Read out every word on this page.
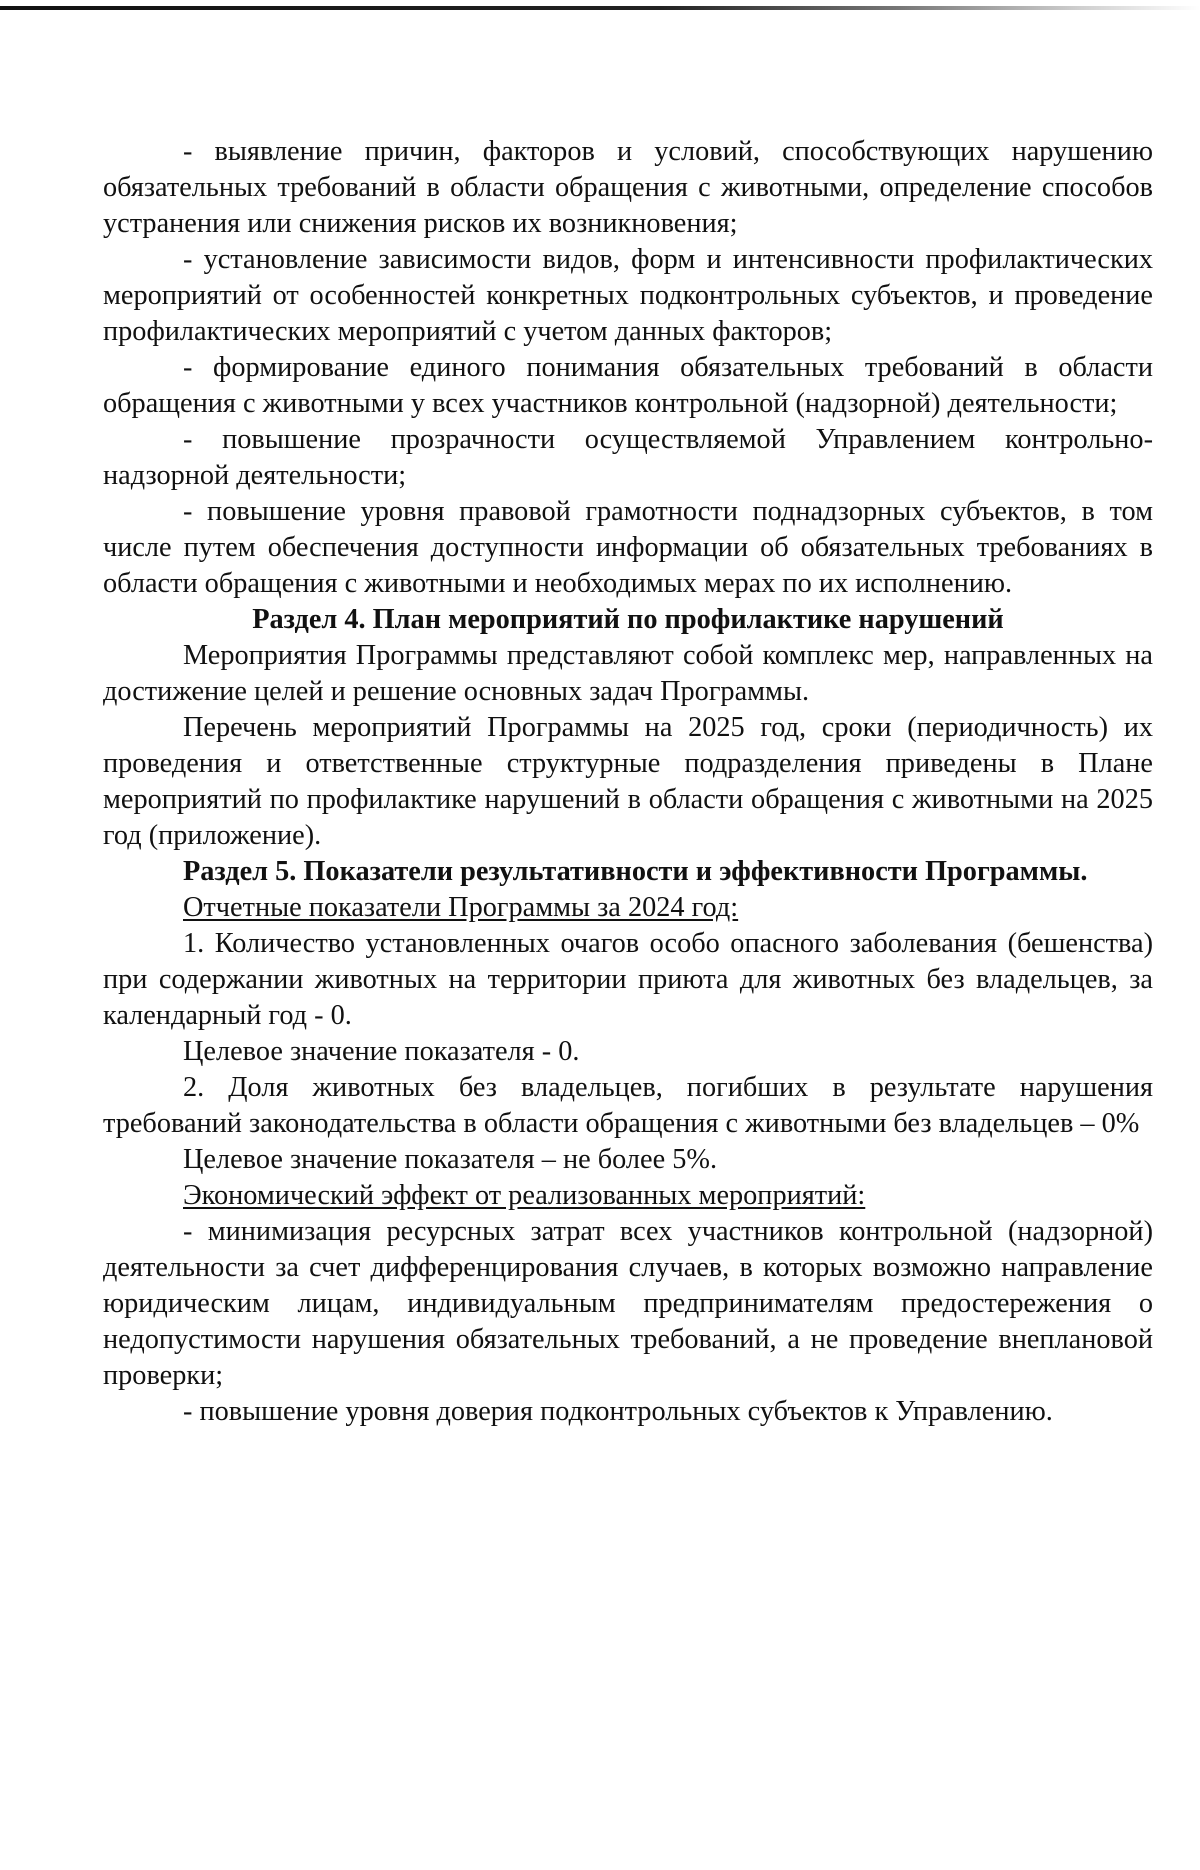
- выявление причин, факторов и условий, способствующих нарушению обязательных требований в области обращения с животными, определение способов устранения или снижения рисков их возникновения;

- установление зависимости видов, форм и интенсивности профилактических мероприятий от особенностей конкретных подконтрольных субъектов, и проведение профилактических мероприятий с учетом данных факторов;

- формирование единого понимания обязательных требований в области обращения с животными у всех участников контрольной (надзорной) деятельности;

- повышение прозрачности осуществляемой Управлением контрольно-надзорной деятельности;

- повышение уровня правовой грамотности поднадзорных субъектов, в том числе путем обеспечения доступности информации об обязательных требованиях в области обращения с животными и необходимых мерах по их исполнению.

Раздел 4. План мероприятий по профилактике нарушений

Мероприятия Программы представляют собой комплекс мер, направленных на достижение целей и решение основных задач Программы.

Перечень мероприятий Программы на 2025 год, сроки (периодичность) их проведения и ответственные структурные подразделения приведены в Плане мероприятий по профилактике нарушений в области обращения с животными на 2025 год (приложение).

Раздел 5. Показатели результативности и эффективности Программы.

Отчетные показатели Программы за 2024 год:

1. Количество установленных очагов особо опасного заболевания (бешенства) при содержании животных на территории приюта для животных без владельцев, за календарный год - 0.

Целевое значение показателя - 0.

2. Доля животных без владельцев, погибших в результате нарушения требований законодательства в области обращения с животными без владельцев – 0%

Целевое значение показателя – не более 5%.

Экономический эффект от реализованных мероприятий:

- минимизация ресурсных затрат всех участников контрольной (надзорной) деятельности за счет дифференцирования случаев, в которых возможно направление юридическим лицам, индивидуальным предпринимателям предостережения о недопустимости нарушения обязательных требований, а не проведение внеплановой проверки;

- повышение уровня доверия подконтрольных субъектов к Управлению.
